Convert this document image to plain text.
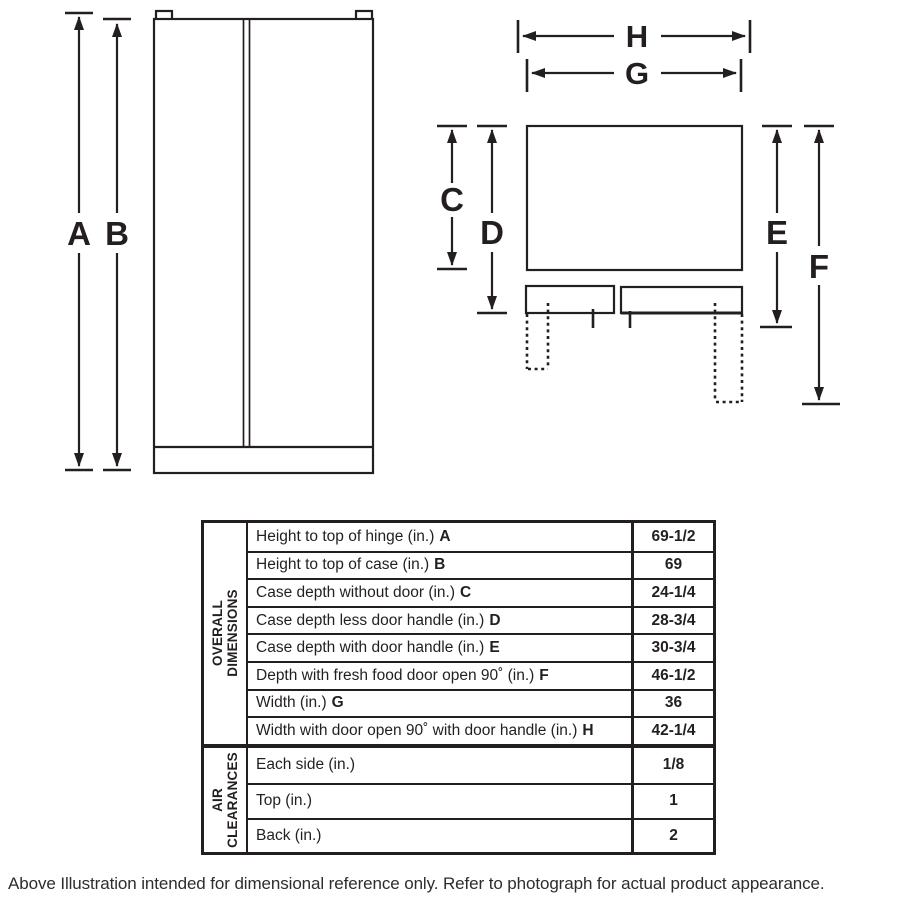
A B
H
G
C
D	E
F
OVERALL DIMENSIONS
Height to top of hinge (in.) A	69-1/2
Height to top of case (in.) B	69
Case depth without door (in.) C	24-1/4
Case depth less door handle (in.) D	28-3/4
Case depth with door handle (in.) E	30-3/4
Depth with fresh food door open 90˚ (in.) F	46-1/2
Width (in.) G	36
Width with door open 90˚ with door handle (in.) H	42-1/4
AIR CLEARANCES Each side (in.)	1/8
Top (in.)	1
Back (in.)	2
Above Illustration intended for dimensional reference only. Refer to photograph for actual product appearance.
